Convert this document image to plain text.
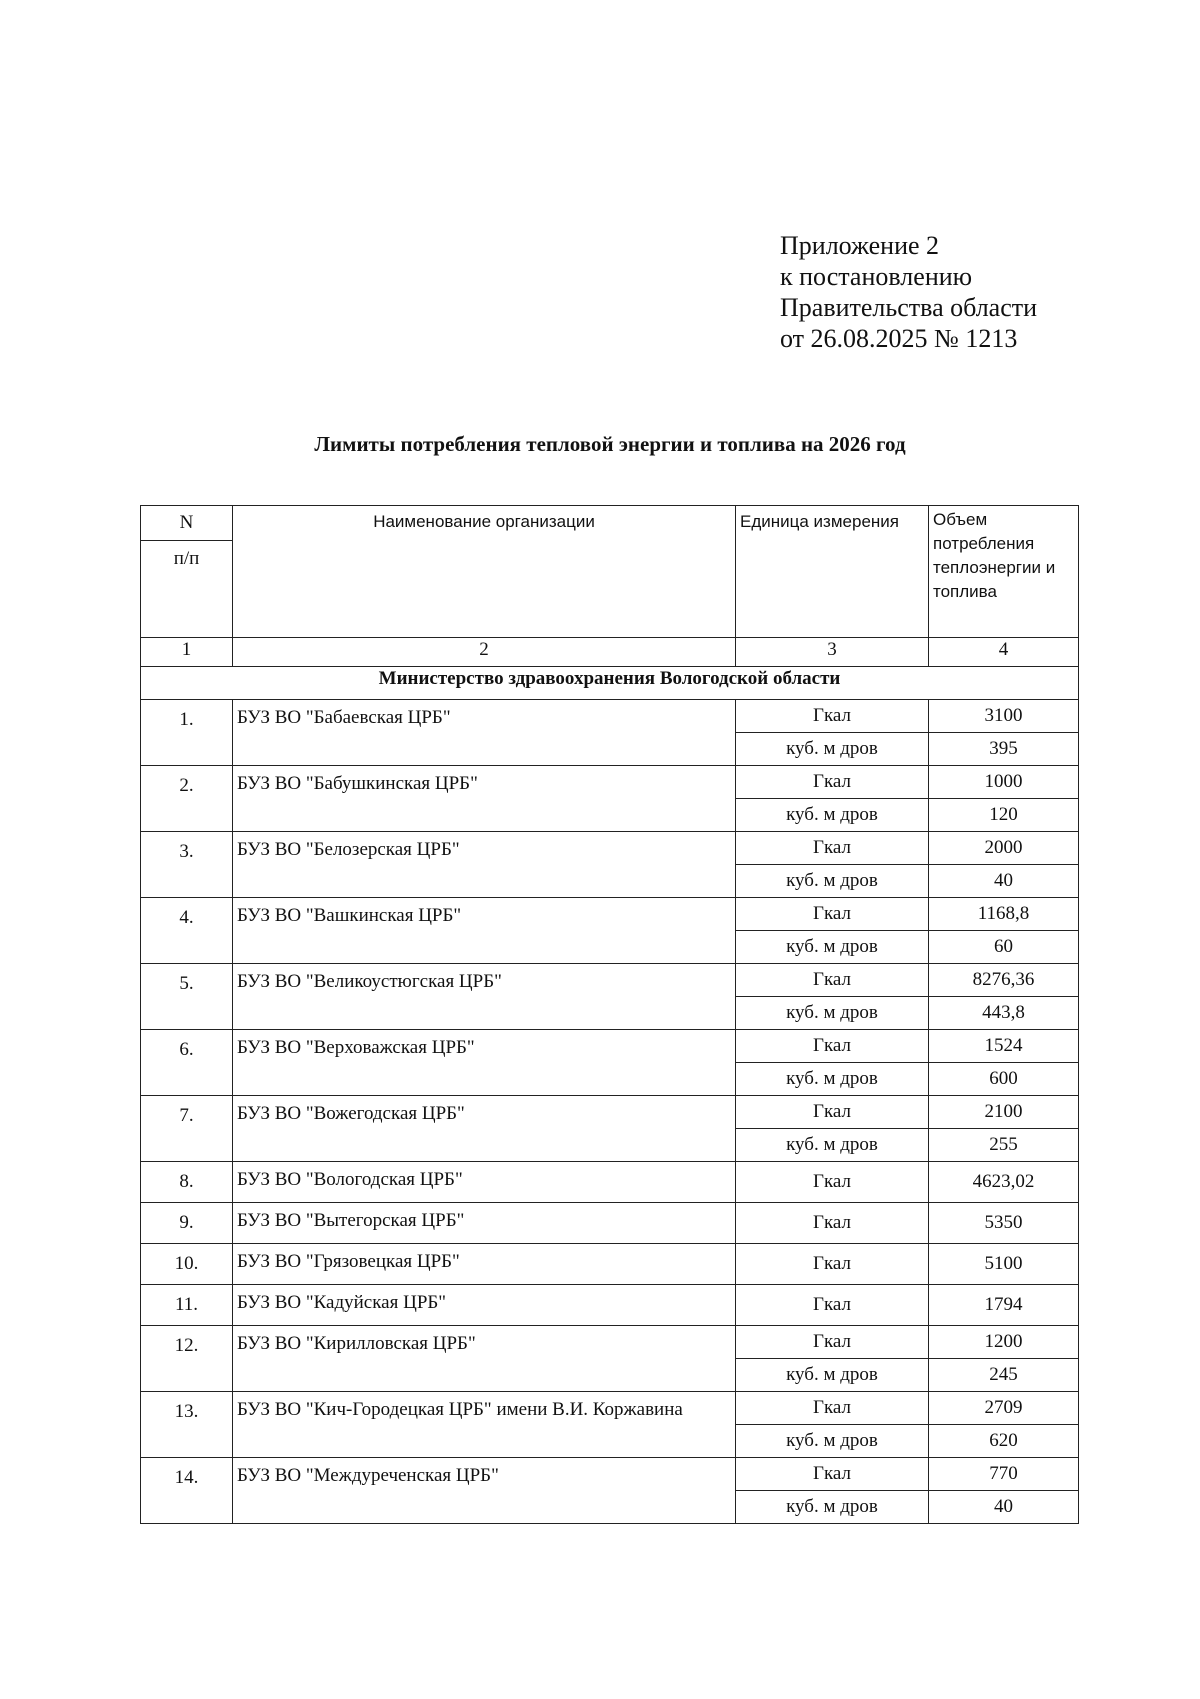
Приложение 2
к постановлению
Правительства области
от 26.08.2025 № 1213
Лимиты потребления тепловой энергии и топлива на 2026 год
N	Наименование организации	Единица измерения	Объем потребления теплоэнергии и топлива
п/п			
1	2	3	4
Министерство здравоохранения Вологодской области			
1.	БУЗ ВО "Бабаевская ЦРБ"	Гкал	3100
		куб. м дров	395
2.	БУЗ ВО "Бабушкинская ЦРБ"	Гкал	1000
		куб. м дров	120
3.	БУЗ ВО "Белозерская ЦРБ"	Гкал	2000
		куб. м дров	40
4.	БУЗ ВО "Вашкинская ЦРБ"	Гкал	1168,8
		куб. м дров	60
5.	БУЗ ВО "Великоустюгская ЦРБ"	Гкал	8276,36
		куб. м дров	443,8
6.	БУЗ ВО "Верховажская ЦРБ"	Гкал	1524
		куб. м дров	600
7.	БУЗ ВО "Вожегодская ЦРБ"	Гкал	2100
		куб. м дров	255
8.	БУЗ ВО "Вологодская ЦРБ"	Гкал	4623,02
9.	БУЗ ВО "Вытегорская ЦРБ"	Гкал	5350
10.	БУЗ ВО "Грязовецкая ЦРБ"	Гкал	5100
11.	БУЗ ВО "Кадуйская ЦРБ"	Гкал	1794
12.	БУЗ ВО "Кирилловская ЦРБ"	Гкал	1200
		куб. м дров	245
13.	БУЗ ВО "Кич-Городецкая ЦРБ" имени В.И. Коржавина	Гкал	2709
		куб. м дров	620
14.	БУЗ ВО "Междуреченская ЦРБ"	Гкал	770
		куб. м дров	40
